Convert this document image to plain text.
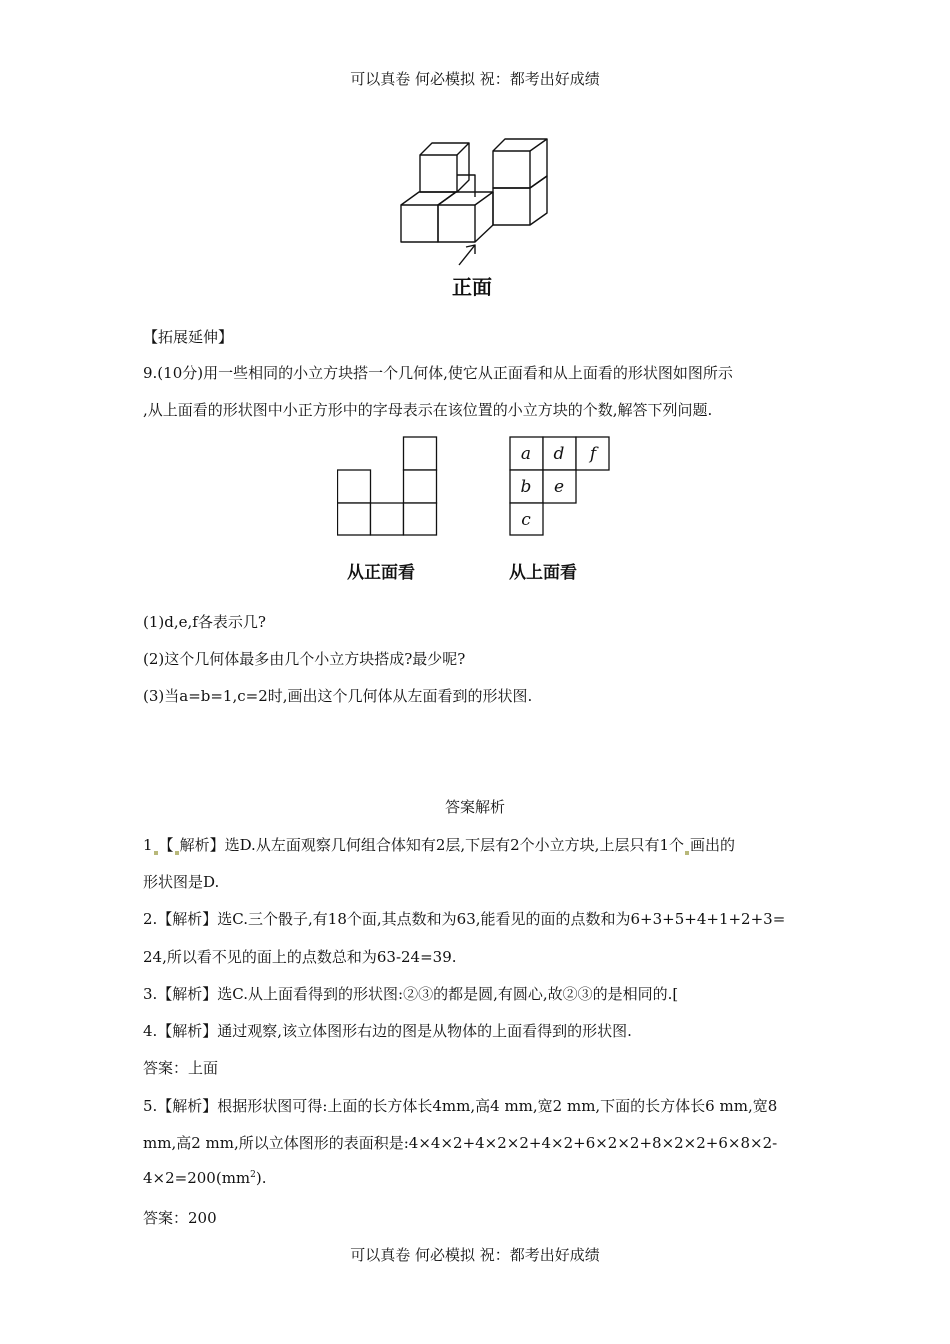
可以真卷 何必模拟 祝：都考出好成绩
正面
【拓展延伸】
9.(10分)用一些相同的小立方块搭一个几何体,使它从正面看和从上面看的形状图如图所示
,从上面看的形状图中小正方形中的字母表示在该位置的小立方块的个数,解答下列问题.
a d f
b e
c
从正面看	从上面看
(1)d,e,f各表示几?
(2)这个几何体最多由几个小立方块搭成?最少呢?
(3)当a=b=1,c=2时,画出这个几何体从左面看到的形状图.
答案解析
1 【 解析】选D.从左面观察几何组合体知有2层,下层有2个小立方块,上层只有1个 画出的
形状图是D.
2.【解析】选C.三个骰子,有18个面,其点数和为63,能看见的面的点数和为6+3+5+4+1+2+3=
24,所以看不见的面上的点数总和为63-24=39.
3.【解析】选C.从上面看得到的形状图:②③的都是圆,有圆心,故②③的是相同的.[
4.【解析】通过观察,该立体图形右边的图是从物体的上面看得到的形状图.
答案：上面
5.【解析】根据形状图可得:上面的长方体长4mm,高4 mm,宽2 mm,下面的长方体长6 mm,宽8
mm,高2 mm,所以立体图形的表面积是:4×4×2+4×2×2+4×2+6×2×2+8×2×2+6×8×2-
$4\times 2=200(mm^2)$.
答案：200
可以真卷 何必模拟 祝：都考出好成绩
